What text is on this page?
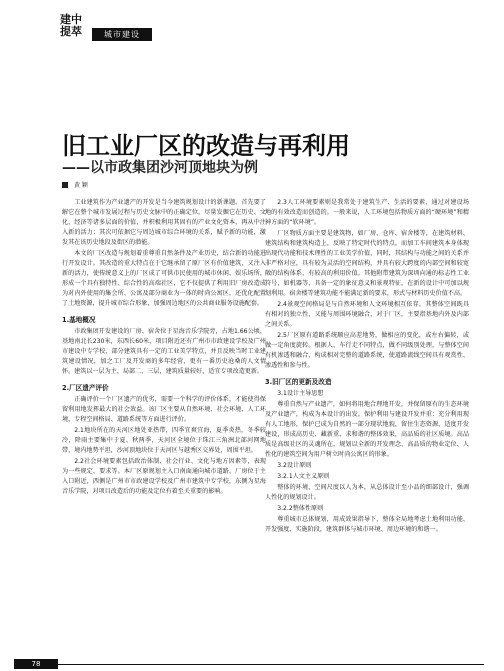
建中
提萃	城市建设
旧工业厂区的改造与再利用
——以市政集团沙河顶地块为例
黄 颖

工业建筑作为产业遗产的开发是当今建筑规划设计的新课题。首先要了解它在整个城市发展过程与历史文脉中的正确定位，尽量发掘它在历史、文化、经济等诸多层面的价值，并积极利用其固有的产业文化资本，再从中注入新的活力；其次可依据它与周边城市综合环境的关系，赋予新的功能，激发其在该历史地段及街区的潜能。

本文的厂区改造与规划着重尊重自然条件及产业历史，结合新的功能进行开发设计。其改造的重大特点在于它继承留了原厂区有价值建筑，又注入新的活力，使传统意义上的厂区成了可供市民使用的城市休闲、娱乐场所，形成一个具有独特性、综合性的高端社区，它不仅提供了利用旧厂房改造成为对内外使用的集会所、公寓及部分商业为一体的时尚公寓区，还优化配置了土地资源，提升城市综合形象，加强周边地区的公共商业服务设施配套。

1.基地概况

市政集团开发建设的厂房、宿舍位于星海音乐学院旁，占地1.66公顷，基地南北长230米，东西长60米，项目附近还有广州市市政建设学校及广州市建设中专学校，部分建筑具有一定的工业美学特点，并且反映当时工业建筑建设情况，加之工厂及开发商的多年经营，更有一番历史沧桑的人文情怀。建筑以一层为主，局部二、三层，建筑质量较好，适宜专项改造更新。

2.厂区遗产评价

正确评价一个厂区遗产的优劣，需要一个科学的评价体系，才能使得保留利用地发挥最大的社会效益。该厂区主要从自然环境、社会环境、人工环境、专程空间格局、道路系统等方面进行评价。

2.1地块所在的天河区地处亚热带，四季宜爽宜海，夏季炎热，冬季较冷，降雨主要集中于夏、秋两季，天河区全境位于珠江三角洲北部河网地带，境内地势平坦，沙河顶地块位于天河区与越秀区交界处，周围平坦。

2.2社会环境要素包括政治体制、社会行业、文化与地方因素等，表现为一些规定、要求等。本厂区原规划主入口南面通向城市道路，厂房位于主入口附近，西侧是广州市市政建设学校及广州市建筑中专学校，东侧为星海音乐学院，对项目改造后的功能及定位有着至关重要的影响。

2.3人工环境要素则是我常处于建筑生产、生活的要素，通过对建设场地的有效改造而创造的。一般来说，人工环境包括物质方面的“硬环境”和精神方面的“软环境”。

厂区物质方面主要是建筑物，如厂房、仓库、宿舍楼等，在建筑材料、建筑结构和建筑构造上，反映了特定时代的特点。而加工车间建筑本身体现出现代功能和技术理性的工业美学价值，同时，其结构与功能之间的关系并非严格对应，具有较为灵活的空间结构，并具有较大跨度的内部空间和较宽敞的结构体系，有较高的利用价值。其他附带建筑为深圳向通的标志性工业符号，如机器等，具备一定的象征意义和景观特征，在新的设计中可加以规划利用。宿舍楼等建筑功能不能满足新的要求，形式与材料历史价值不高。

2.4景观空间格局是与自然环境和人文环境相互依存，其整体空间既具有相对的独立性，又能与周围环境融合，对于厂区，主要指基地内外及内部之间关系。

2.5厂区原有道路系统顺应高差地势，做相应的变化，或左右偏转，或做一定角度旋转。根据人、车行走不同特点，做不同级别处理，与整体空间有机渗透和融合，构成相对完整的道路系统，使道路流线空间具有观赏性、渗透性和参与性。

3.旧厂区的更新及改造

3.1设计主导思想

尊重自然与产业遗产，如何将用地合理地开发，并保留原有的生态环境及产业遗产，构成为本设计的出发。保护利用与建设开发并重：充分利用现有人工地形，保护已成为自然的一部分现状地貌，留住生态资源、适度开发建设，形成高历史、藏新重、求和谐的整体效果，高品质的社区质境。高品质是高级社区的灵魂所在，规划以全新的开发理念、高品质的物业定位、人性化的建筑空间为用户树立时尚公寓区的形象。

3.2设计原则

3.2.1人文主义原则

整体的环境、空间尺度以人为本，从总体设计至小品的细部设计，强调人性化的规划设计。

3.2.2整体性原则

尊重城市总体规划，用成效果指导下，整体全局地考虑土地利用功能、开发强度、实施阶段，建筑群体与城市环境、周边环境的和谐一。

78
